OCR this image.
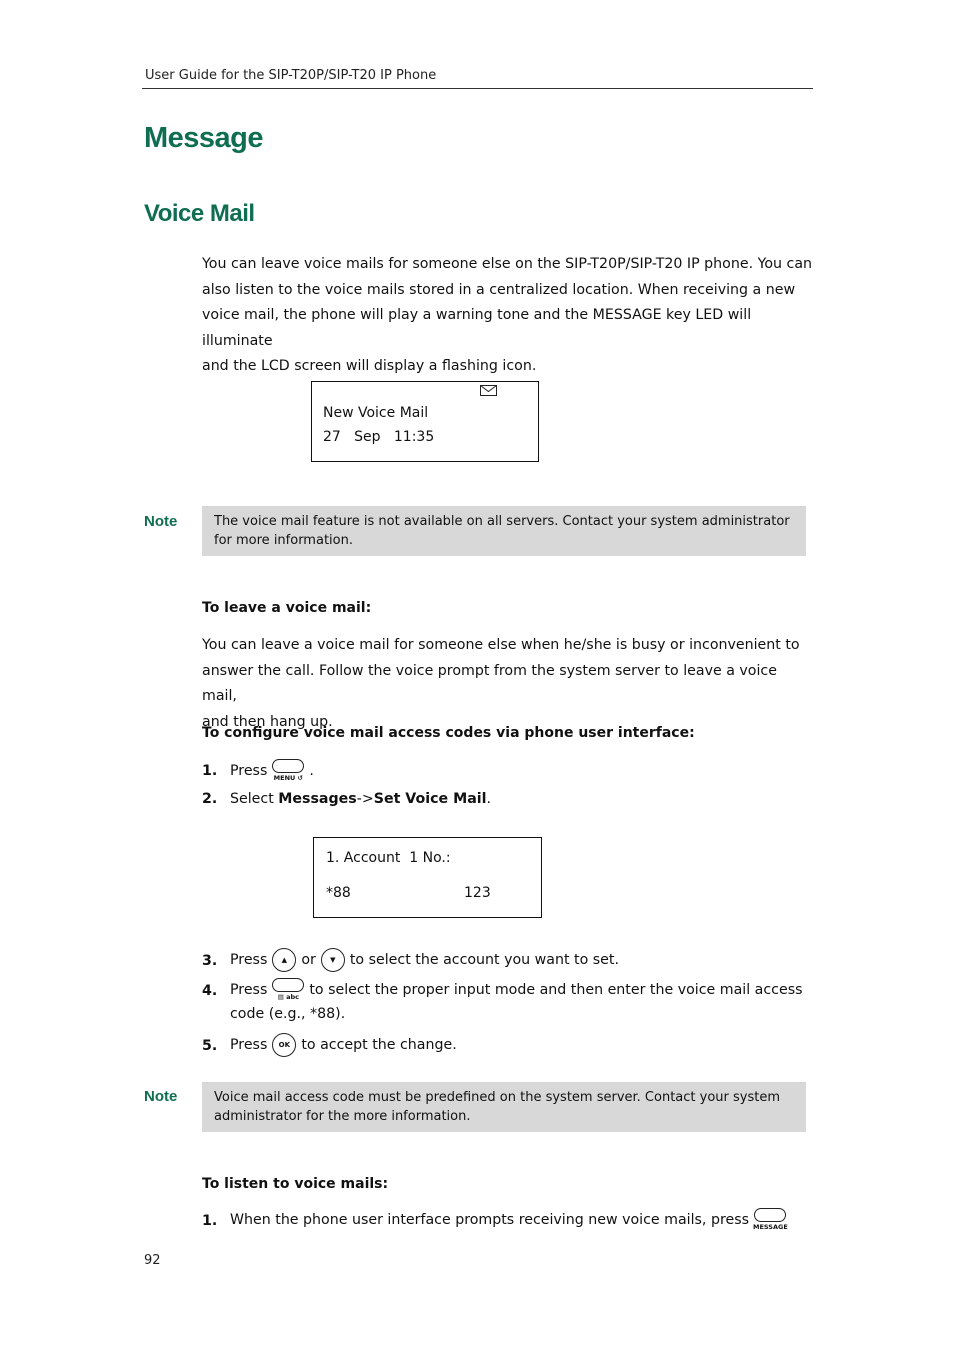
User Guide for the SIP-T20P/SIP-T20 IP Phone
Message
Voice Mail
You can leave voice mails for someone else on the SIP-T20P/SIP-T20 IP phone. You can
also listen to the voice mails stored in a centralized location. When receiving a new
voice mail, the phone will play a warning tone and the MESSAGE key LED will illuminate
and the LCD screen will display a flashing icon.
New Voice Mail
27   Sep   11:35
Note	The voice mail feature is not available on all servers. Contact your system administrator
for more information.
To leave a voice mail:
You can leave a voice mail for someone else when he/she is busy or inconvenient to
answer the call. Follow the voice prompt from the system server to leave a voice mail,
and then hang up.
To configure voice mail access codes via phone user interface:
1. Press

MENU ↺

.
2. Select Messages -> Set Voice Mail .
1. Account  1 No.:
*88	123
3. Press	▲	or	▼	to select the account you want to set.
4. Press

	▤ abc

to select the proper input mode and then enter the voice mail access
code (e.g., *88).
5. Press	OK to accept the change.
Note	Voice mail access code must be predefined on the system server. Contact your system
administrator for the more information.
To listen to voice mails:
1. When the phone user interface prompts receiving new voice mails, press

MESSAGE

92
